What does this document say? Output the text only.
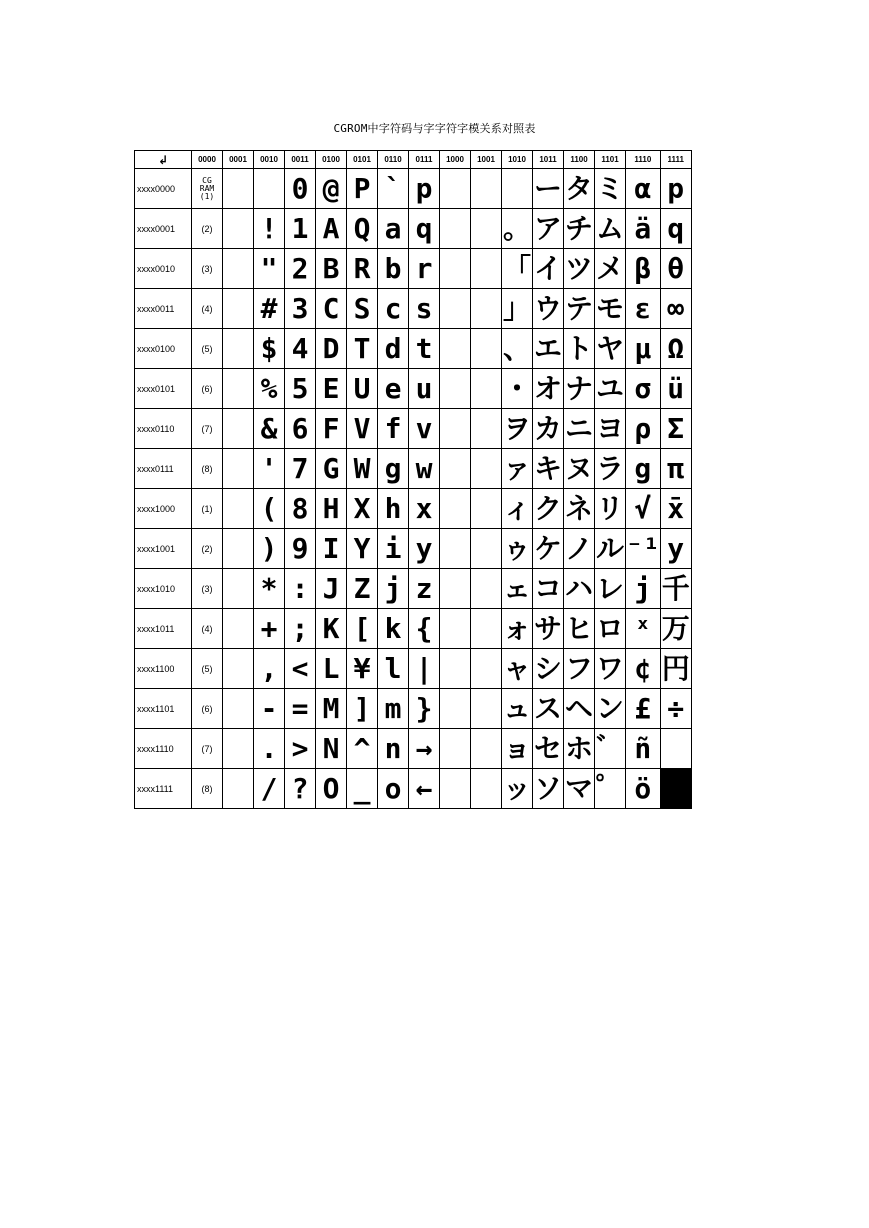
CGROM中字符码与字字符字模关系对照表
↲	0000	0001	0010	0011	0100	0101	0110	0111	1000	1001	1010	1011	1100	1101	1110	1111
xxxx0000	CG
RAM
(1)			0	@	P	`	p				ー	タ	ミ	α	p
xxxx0001	(2)		!	1	A	Q	a	q			。	ア	チ	ム	ä	q
xxxx0010	(3)		"	2	B	R	b	r			「	イ	ツ	メ	β	θ
xxxx0011	(4)		#	3	C	S	c	s			」	ウ	テ	モ	ε	∞
xxxx0100	(5)		$	4	D	T	d	t			、	エ	ト	ヤ	μ	Ω
xxxx0101	(6)		%	5	E	U	e	u			・	オ	ナ	ユ	σ	ü
xxxx0110	(7)		&	6	F	V	f	v			ヲ	カ	ニ	ヨ	ρ	Σ
xxxx0111	(8)		'	7	G	W	g	w			ァ	キ	ヌ	ラ	g	π
xxxx1000	(1)		(	8	H	X	h	x			ィ	ク	ネ	リ	√	x̄
xxxx1001	(2)		)	9	I	Y	i	y			ゥ	ケ	ノ	ル	⁻¹	y
xxxx1010	(3)		*	:	J	Z	j	z			ェ	コ	ハ	レ	j	千
xxxx1011	(4)		+	;	K	[	k	{			ォ	サ	ヒ	ロ	ˣ	万
xxxx1100	(5)		,	<	L	¥	l	|			ャ	シ	フ	ワ	¢	円
xxxx1101	(6)		-	=	M	]	m	}			ュ	ス	ヘ	ン	£	÷
xxxx1110	(7)		.	>	N	^	n	→			ョ	セ	ホ	゛	ñ	
xxxx1111	(8)		/	?	O	_	o	←			ッ	ソ	マ	゜	ö	
